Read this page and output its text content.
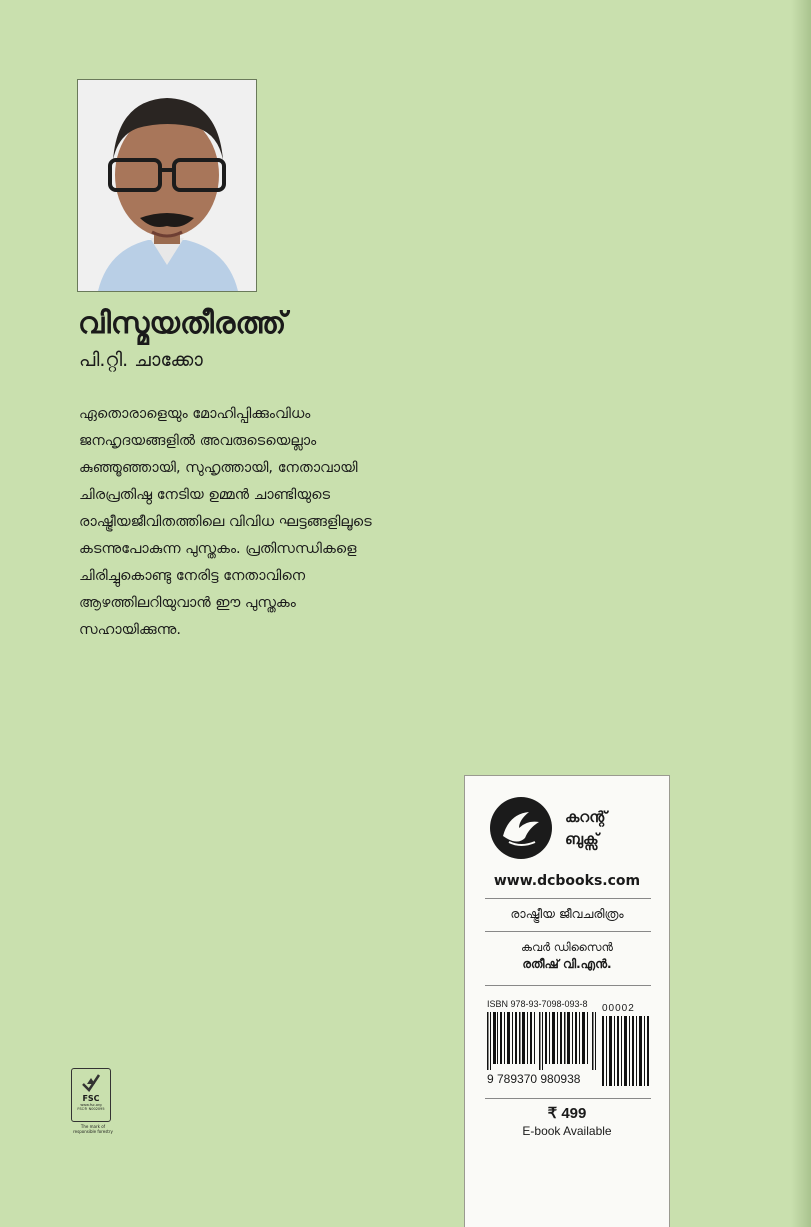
വിസ്മയതീരത്ത്

പി.റ്റി. ചാക്കോ

ഏതൊരാളെയും മോഹിപ്പിക്കുംവിധം
ജനഹൃദയങ്ങളിൽ അവരുടെയെല്ലാം
കുഞ്ഞൂഞ്ഞായി, സുഹൃത്തായി, നേതാവായി
ചിരപ്രതിഷ്ഠ നേടിയ ഉമ്മൻ ചാണ്ടിയുടെ
രാഷ്ട്രീയജീവിതത്തിലെ വിവിധ ഘട്ടങ്ങളിലൂടെ
കടന്നുപോകുന്ന പുസ്തകം. പ്രതിസന്ധികളെ
ചിരിച്ചുകൊണ്ടു നേരിട്ട നേതാവിനെ
ആഴത്തിലറിയുവാൻ ഈ പുസ്തകം
സഹായിക്കുന്നു.

FSC
www.fsc.org
FSC® N002095
The mark of responsible forestry
കറന്റ്
ബുക്സ്
www.dcbooks.com
രാഷ്ട്രീയ ജീവചരിത്രം
കവർ ഡിസൈൻ
രതീഷ് വി.എൻ.
ISBN 978-93-7098-093-8
9 789370 980938
00002
₹ 499
E-book Available
